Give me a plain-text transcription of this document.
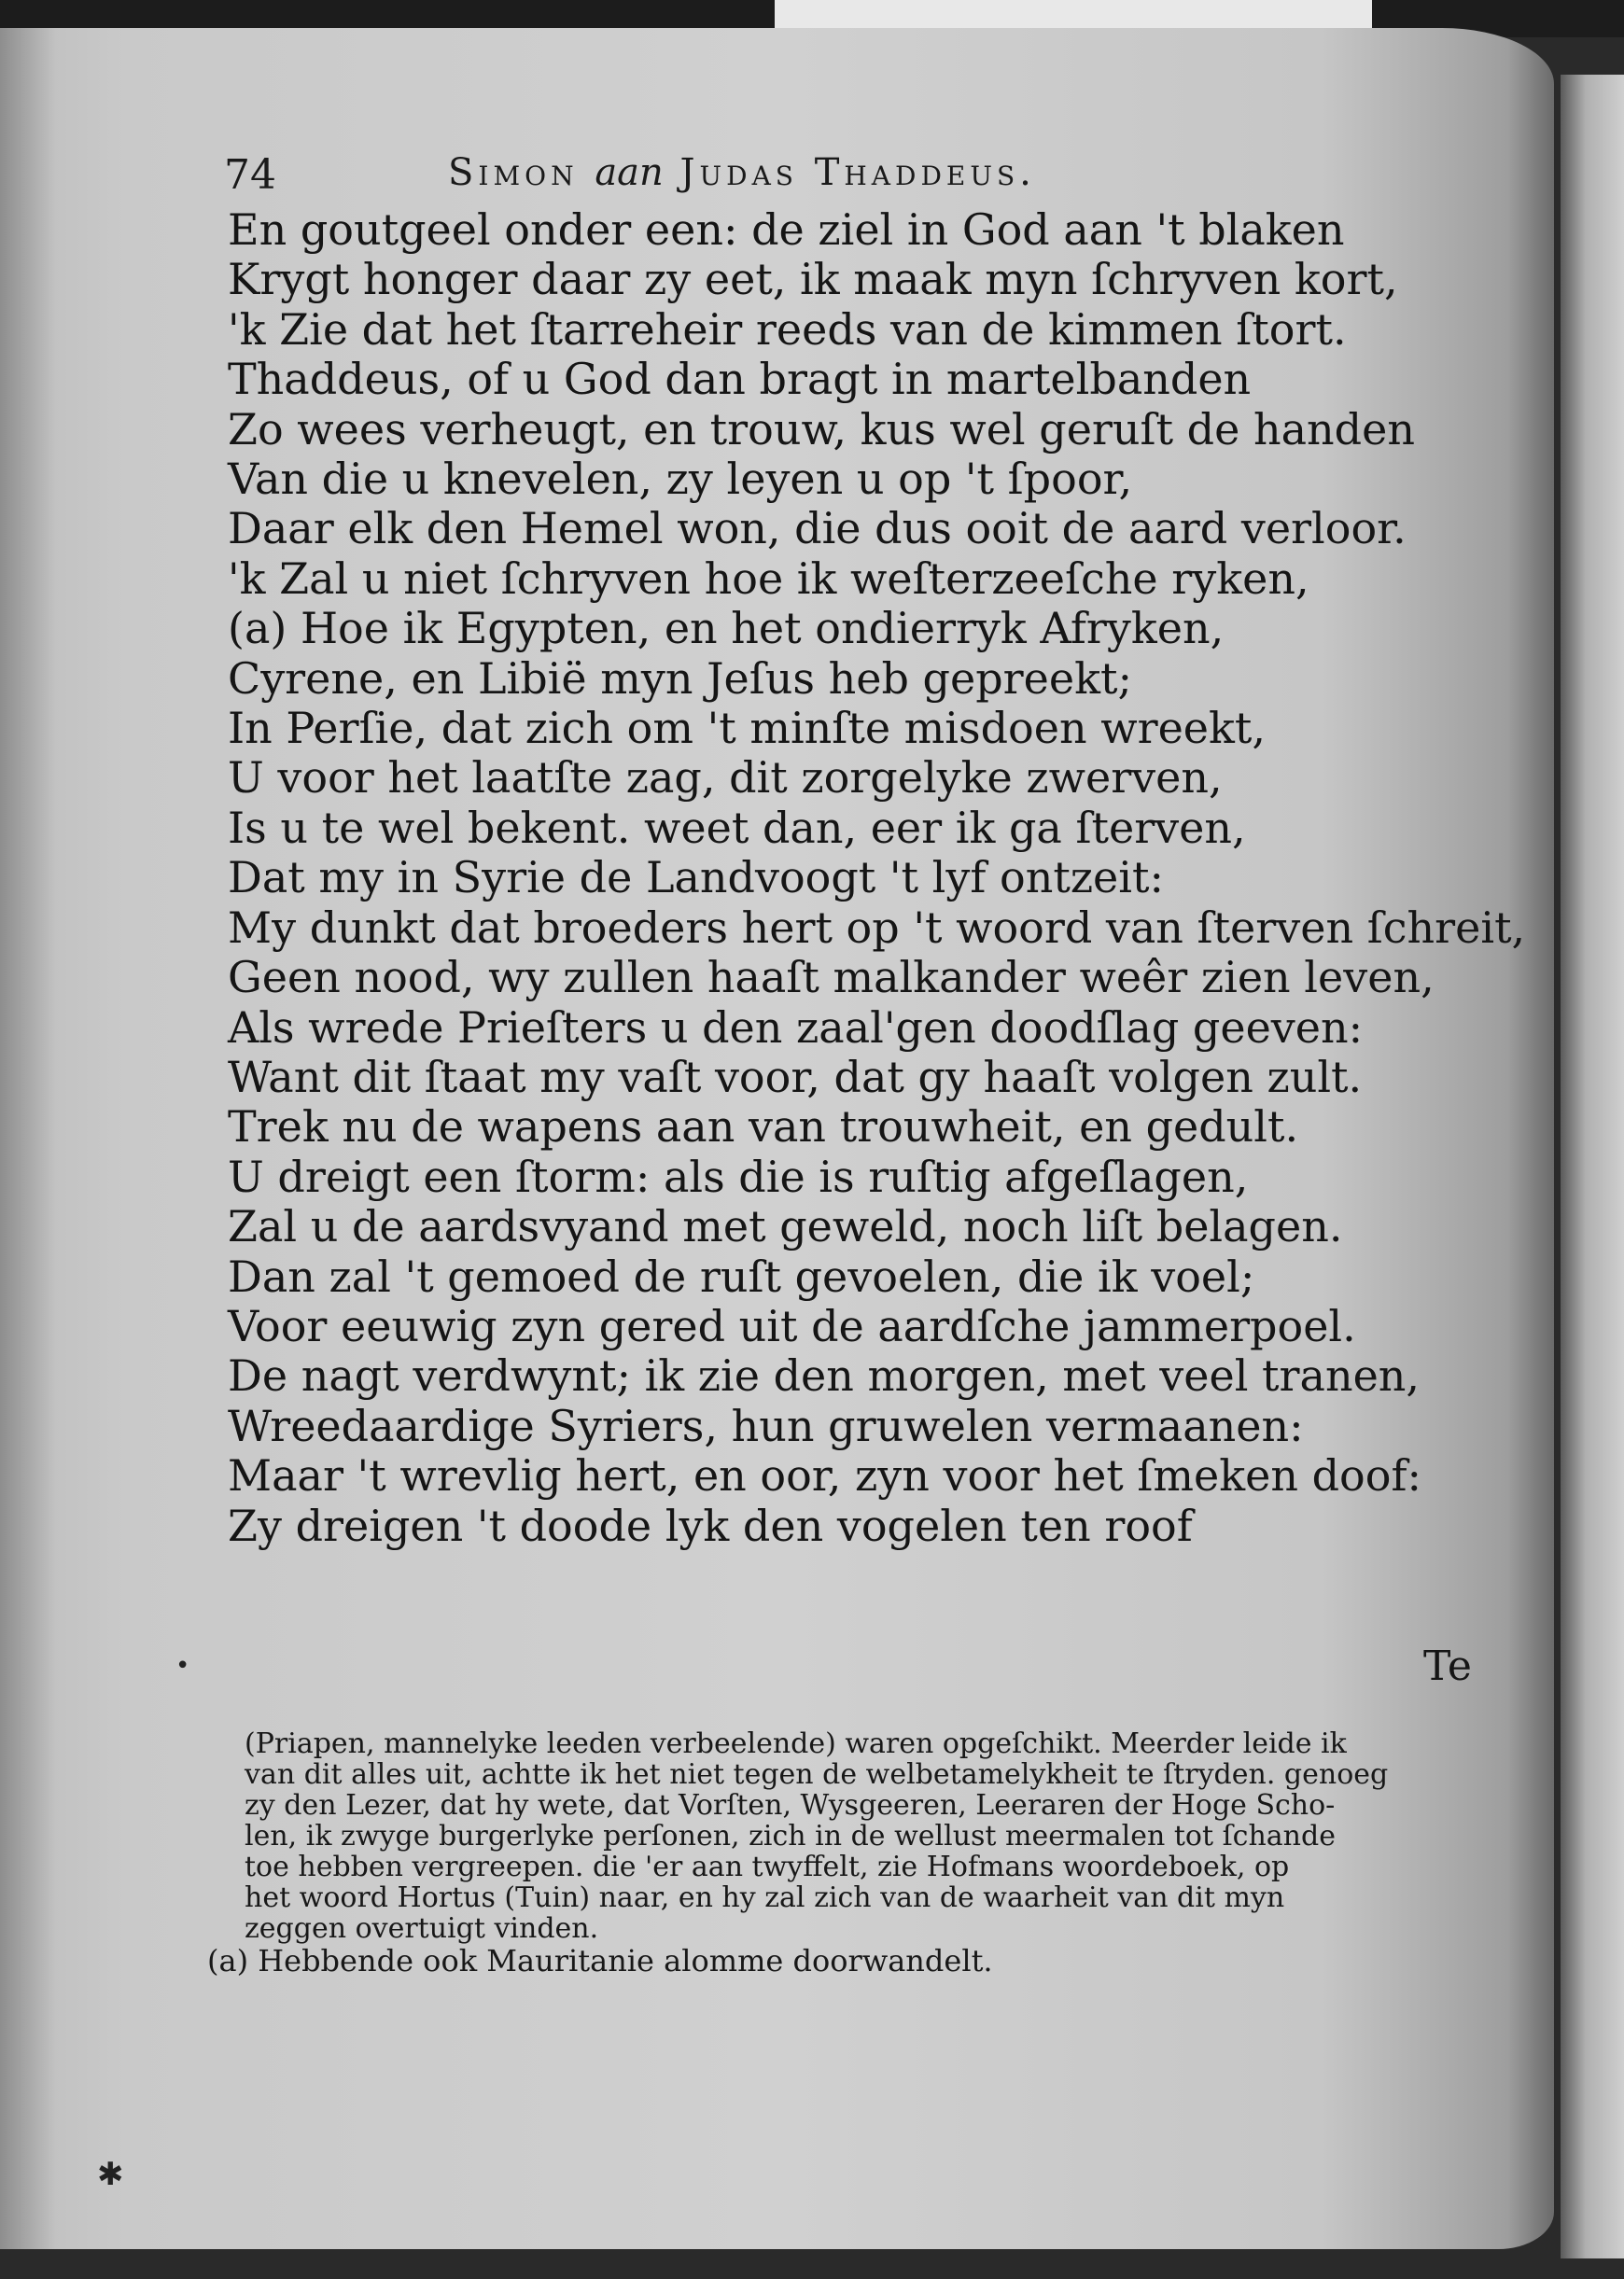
74	Simon aan Judas Thaddeus.
En goutgeel onder een: de ziel in God aan 't blaken
Krygt honger daar zy eet, ik maak myn ſchryven kort,
'k Zie dat het ſtarreheir reeds van de kimmen ſtort.
Thaddeus, of u God dan bragt in martelbanden
Zo wees verheugt, en trouw, kus wel geruſt de handen
Van die u knevelen, zy leyen u op 't ſpoor,
Daar elk den Hemel won, die dus ooit de aard verloor.
'k Zal u niet ſchryven hoe ik weſterzeeſche ryken,
(a) Hoe ik Egypten, en het ondierryk Afryken,
Cyrene, en Libië myn Jeſus heb gepreekt;
In Perſie, dat zich om 't minſte misdoen wreekt,
U voor het laatſte zag, dit zorgelyke zwerven,
Is u te wel bekent. weet dan, eer ik ga ſterven,
Dat my in Syrie de Landvoogt 't lyf ontzeit:
My dunkt dat broeders hert op 't woord van ſterven ſchreit,
Geen nood, wy zullen haaſt malkander weêr zien leven,
Als wrede Prieſters u den zaal'gen doodſlag geeven:
Want dit ſtaat my vaſt voor, dat gy haaſt volgen zult.
Trek nu de wapens aan van trouwheit, en gedult.
U dreigt een ſtorm: als die is ruſtig afgeſlagen,
Zal u de aardsvyand met geweld, noch liſt belagen.
Dan zal 't gemoed de ruſt gevoelen, die ik voel;
Voor eeuwig zyn gered uit de aardſche jammerpoel.
De nagt verdwynt; ik zie den morgen, met veel tranen,
Wreedaardige Syriers, hun gruwelen vermaanen:
Maar 't wrevlig hert, en oor, zyn voor het ſmeken doof:
Zy dreigen 't doode lyk den vogelen ten roof
Te
(Priapen, mannelyke leeden verbeelende) waren opgeſchikt. Meerder leide ik
van dit alles uit, achtte ik het niet tegen de welbetamelykheit te ſtryden. genoeg
zy den Lezer, dat hy wete, dat Vorſten, Wysgeeren, Leeraren der Hoge Scho-
len, ik zwyge burgerlyke perſonen, zich in de wellust meermalen tot ſchande
toe hebben vergreepen. die 'er aan twyffelt, zie Hofmans woordeboek, op
het woord Hortus (Tuin) naar, en hy zal zich van de waarheit van dit myn
zeggen overtuigt vinden.
(a) Hebbende ook Mauritanie alomme doorwandelt.
•
✱
